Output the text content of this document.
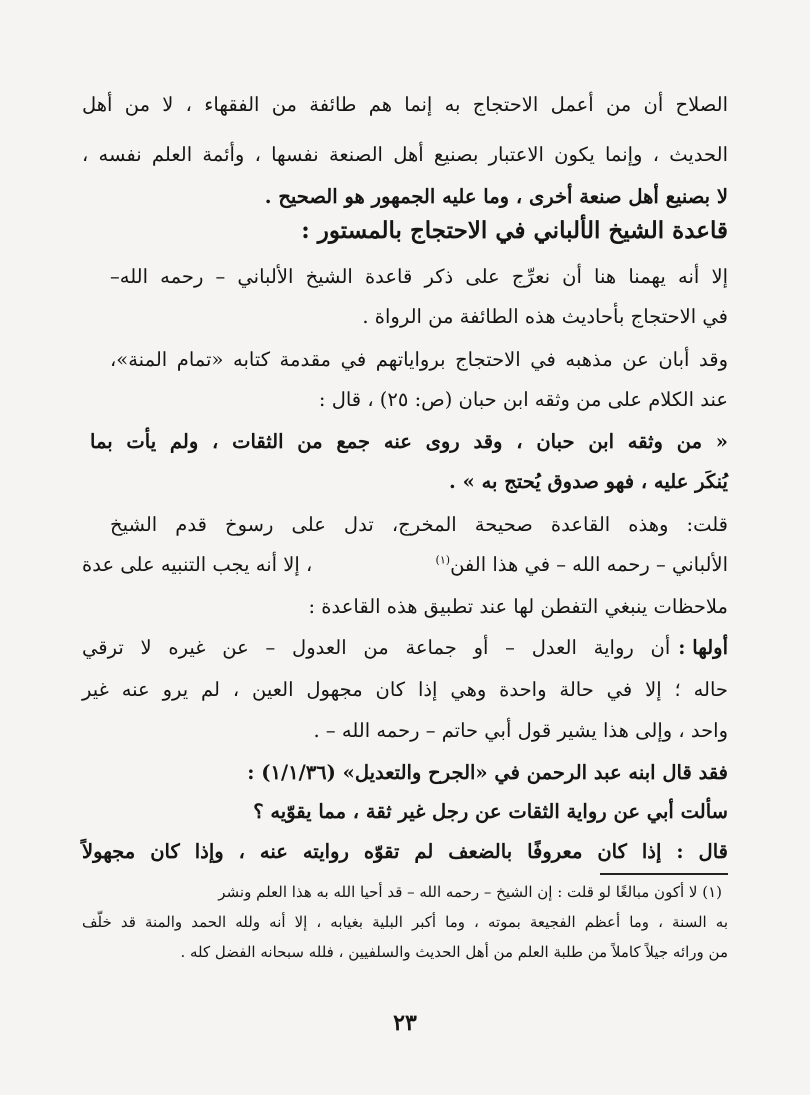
الصلاح أن من أعمل الاحتجاج به إنما هم طائفة من الفقهاء ، لا من أهل
الحديث ، وإنما يكون الاعتبار بصنيع أهل الصنعة نفسها ، وأئمة العلم نفسه ،
لا بصنيع أهل صنعة أخرى ، وما عليه الجمهور هو الصحيح .
قاعدة الشيخ الألباني في الاحتجاج بالمستور :
إلا أنه يهمنا هنا أن نعرِّج على ذكر قاعدة الشيخ الألباني – رحمه الله–
في الاحتجاج بأحاديث هذه الطائفة من الرواة .
وقد أبان عن مذهبه في الاحتجاج برواياتهم في مقدمة كتابه «تمام المنة»،
عند الكلام على من وثقه ابن حبان (ص: ٢٥) ، قال :
« من وثقه ابن حبان ، وقد روى عنه جمع من الثقات ، ولم يأت بما
يُنكَر عليه ، فهو صدوق يُحتج به » .
قلت: وهذه القاعدة صحيحة المخرج، تدل على رسوخ قدم الشيخ
الألباني – رحمه الله – في هذا الفن$^{(١)}$
، إلا أنه يجب التنبيه على عدة
ملاحظات ينبغي التفطن لها عند تطبيق هذه القاعدة :
أولها :
أن رواية العدل – أو جماعة من العدول – عن غيره لا ترقي
حاله ؛ إلا في حالة واحدة وهي إذا كان مجهول العين ، لم يرو عنه غير
واحد ، وإلى هذا يشير قول أبي حاتم – رحمه الله – .
فقد قال ابنه عبد الرحمن في «الجرح والتعديل» (١/١/٣٦) :
سألت أبي عن رواية الثقات عن رجل غير ثقة ، مما يقوّيه ؟
قال : إذا كان معروفًا بالضعف لم تقوّه روايته عنه ، وإذا كان مجهولاً
(١) لا أكون مبالغًا لو قلت : إن الشيخ – رحمه الله – قد أحيا الله به هذا العلم ونشر
به السنة ، وما أعظم الفجيعة بموته ، وما أكبر البلية بغيابه ، إلا أنه ولله الحمد والمنة قد خلّف
من ورائه جيلاً كاملاً من طلبة العلم من أهل الحديث والسلفيين ، فلله سبحانه الفضل كله .
٢٣
